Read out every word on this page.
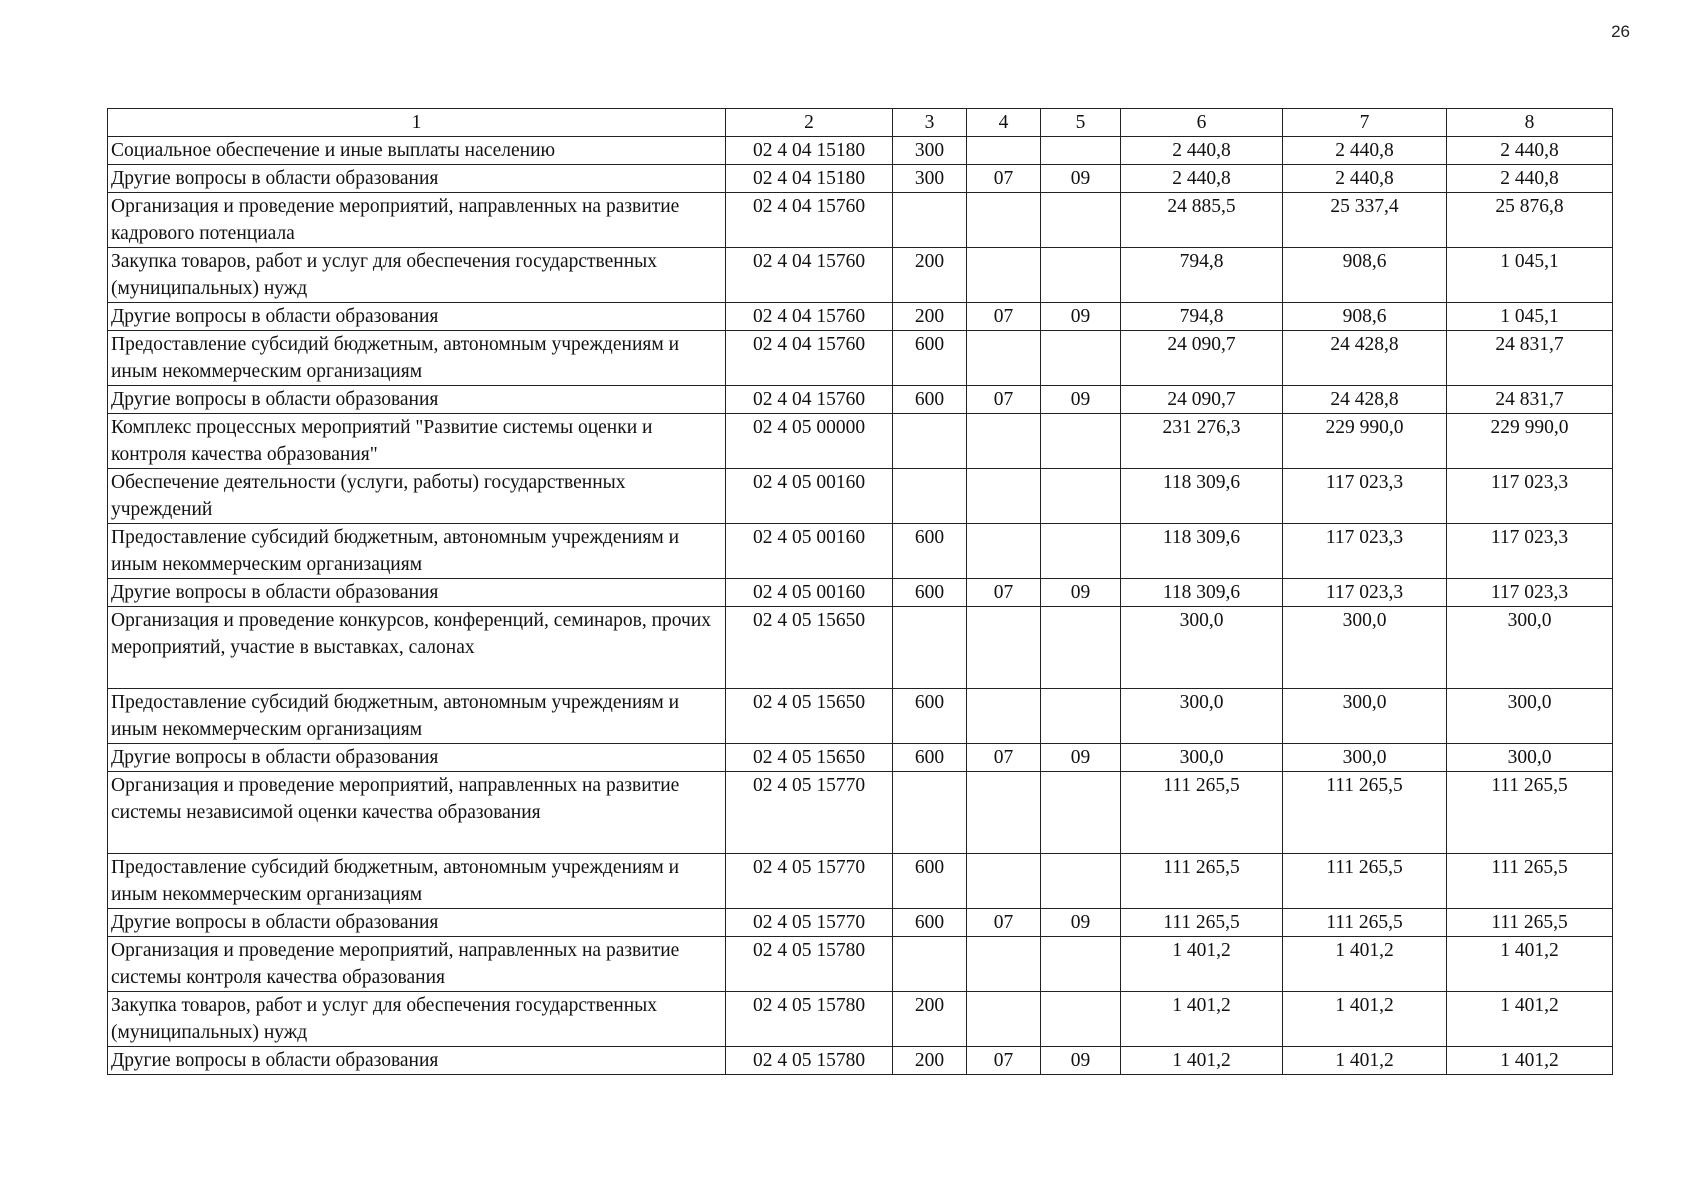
26
1	2	3	4	5	6	7	8
Социальное обеспечение и иные выплаты населению	02 4 04 15180	300			2 440,8	2 440,8	2 440,8
Другие вопросы в области образования	02 4 04 15180	300	07	09	2 440,8	2 440,8	2 440,8
Организация и проведение мероприятий, направленных на развитие кадрового потенциала	02 4 04 15760				24 885,5	25 337,4	25 876,8
Закупка товаров, работ и услуг для обеспечения государственных (муниципальных) нужд	02 4 04 15760	200			794,8	908,6	1 045,1
Другие вопросы в области образования	02 4 04 15760	200	07	09	794,8	908,6	1 045,1
Предоставление субсидий бюджетным, автономным учреждениям и иным некоммерческим организациям	02 4 04 15760	600			24 090,7	24 428,8	24 831,7
Другие вопросы в области образования	02 4 04 15760	600	07	09	24 090,7	24 428,8	24 831,7
Комплекс процессных мероприятий "Развитие системы оценки и контроля качества образования"	02 4 05 00000				231 276,3	229 990,0	229 990,0
Обеспечение деятельности (услуги, работы) государственных учреждений	02 4 05 00160				118 309,6	117 023,3	117 023,3
Предоставление субсидий бюджетным, автономным учреждениям и иным некоммерческим организациям	02 4 05 00160	600			118 309,6	117 023,3	117 023,3
Другие вопросы в области образования	02 4 05 00160	600	07	09	118 309,6	117 023,3	117 023,3
Организация и проведение конкурсов, конференций, семинаров, прочих мероприятий, участие в выставках, салонах	02 4 05 15650				300,0	300,0	300,0
Предоставление субсидий бюджетным, автономным учреждениям и иным некоммерческим организациям	02 4 05 15650	600			300,0	300,0	300,0
Другие вопросы в области образования	02 4 05 15650	600	07	09	300,0	300,0	300,0
Организация и проведение мероприятий, направленных на развитие системы независимой оценки качества образования	02 4 05 15770				111 265,5	111 265,5	111 265,5
Предоставление субсидий бюджетным, автономным учреждениям и иным некоммерческим организациям	02 4 05 15770	600			111 265,5	111 265,5	111 265,5
Другие вопросы в области образования	02 4 05 15770	600	07	09	111 265,5	111 265,5	111 265,5
Организация и проведение мероприятий, направленных на развитие системы контроля качества образования	02 4 05 15780				1 401,2	1 401,2	1 401,2
Закупка товаров, работ и услуг для обеспечения государственных (муниципальных) нужд	02 4 05 15780	200			1 401,2	1 401,2	1 401,2
Другие вопросы в области образования	02 4 05 15780	200	07	09	1 401,2	1 401,2	1 401,2
